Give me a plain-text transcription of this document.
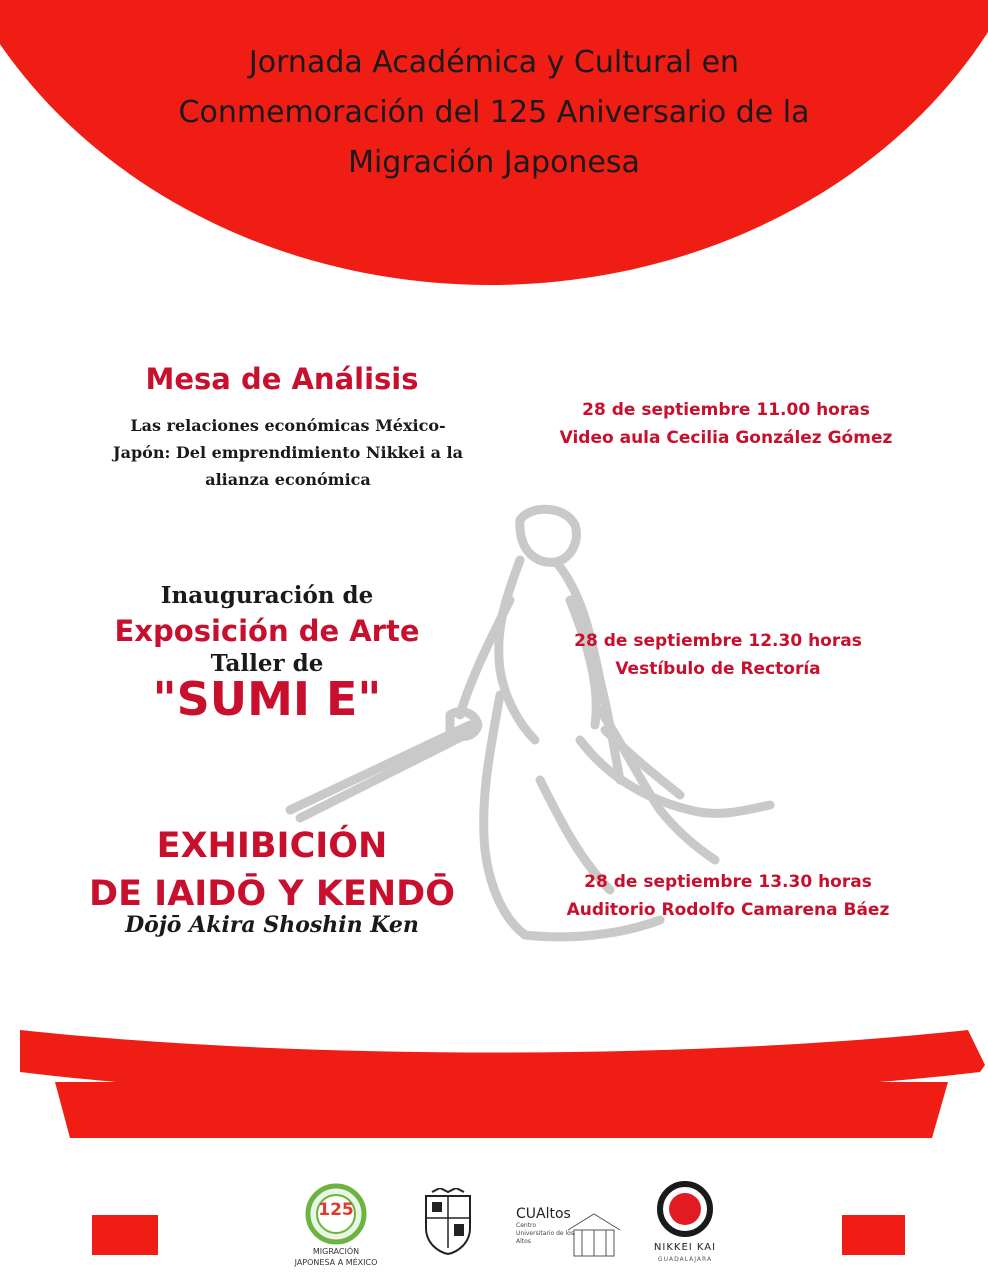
Jornada Académica y Cultural en
Conmemoración del 125 Aniversario de la
Migración Japonesa
Mesa de Análisis
Las relaciones económicas México-
Japón: Del emprendimiento Nikkei a la
alianza económica
28 de septiembre 11.00 horas
Video aula Cecilia González Gómez
Inauguración de
Exposición de Arte
Taller de
"SUMI E"
28 de septiembre 12.30 horas
Vestíbulo de Rectoría
EXHIBICIÓN
DE IAIDŌ Y KENDŌ
Dōjō Akira Shoshin Ken
28 de septiembre 13.30 horas
Auditorio Rodolfo Camarena Báez
125
MIGRACIÓN
JAPONESA A MÉXICO
CUAltos
Centro Universitario de los Altos
NIKKEI KAI
GUADALAJARA
